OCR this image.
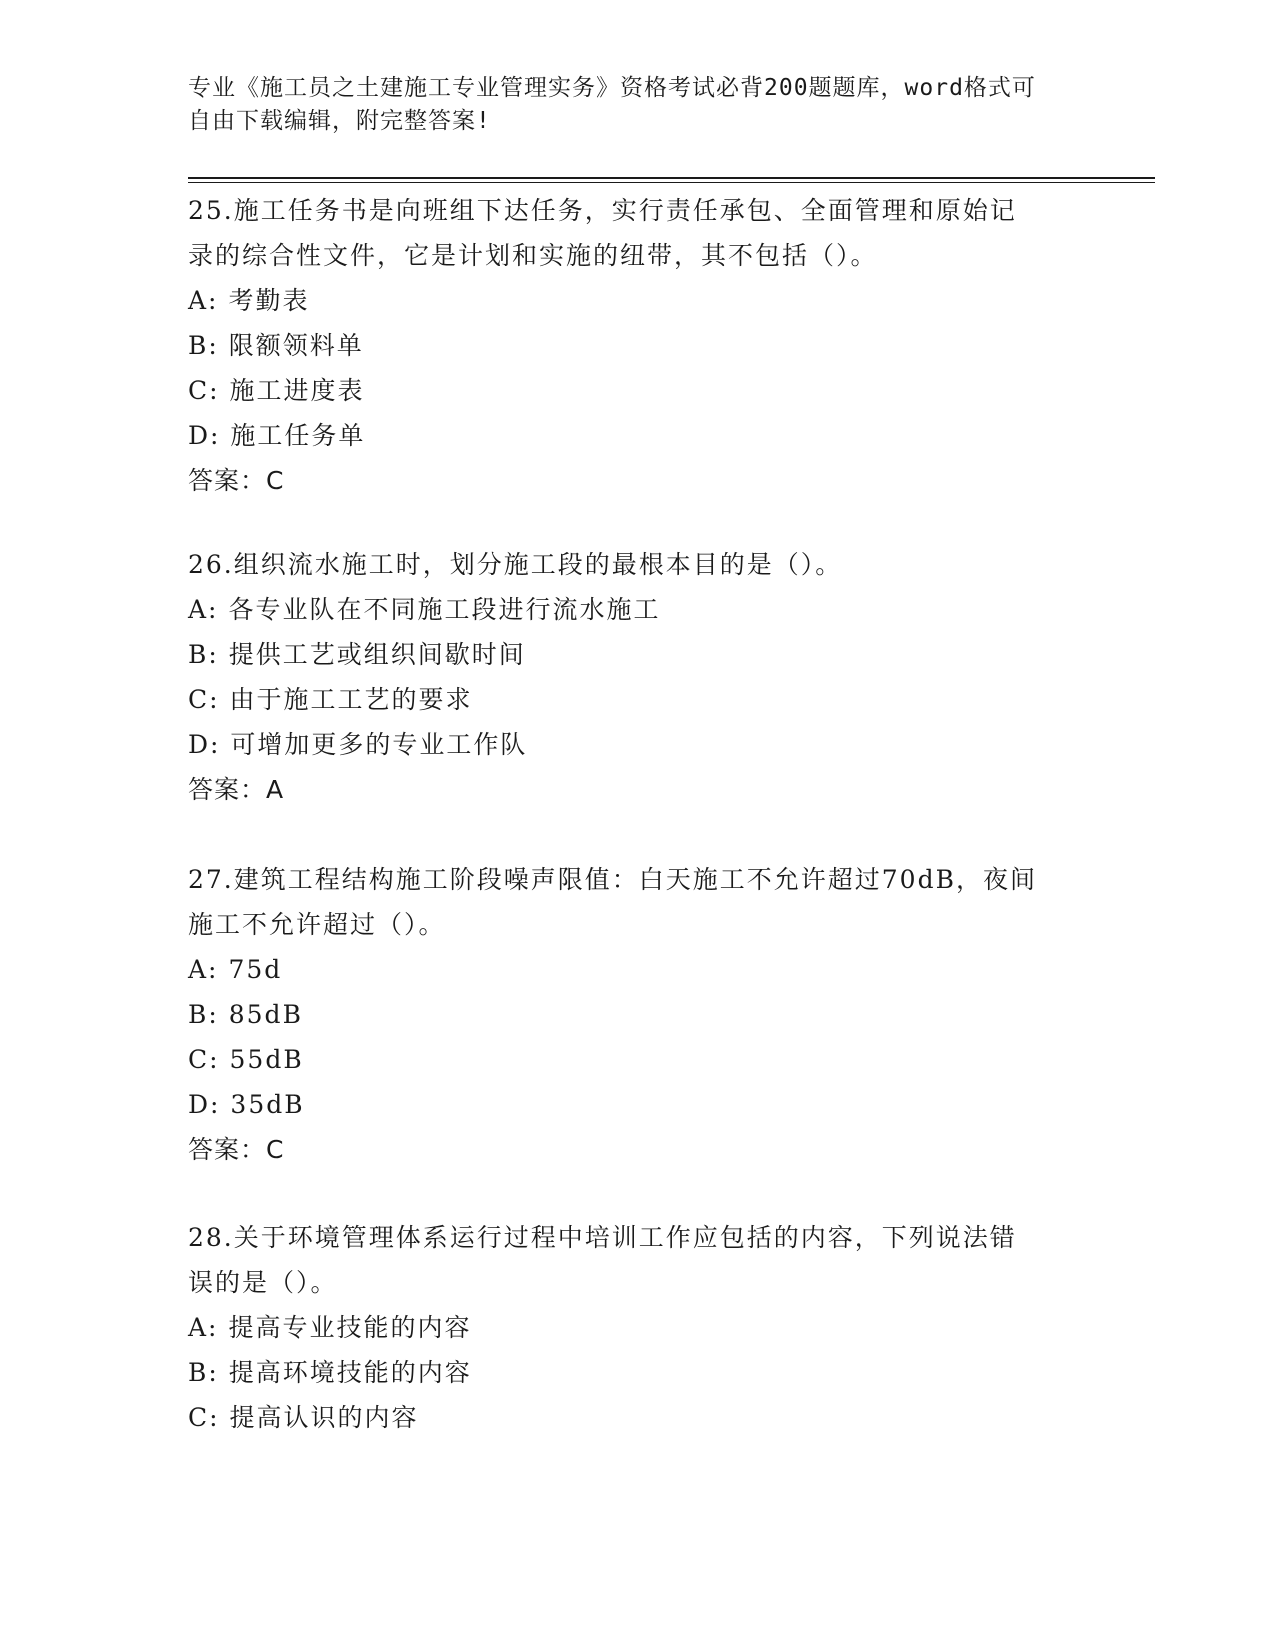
专业《施工员之土建施工专业管理实务》资格考试必背200题题库，word格式可
自由下载编辑，附完整答案!
25.施工任务书是向班组下达任务，实行责任承包、全面管理和原始记
录的综合性文件，它是计划和实施的纽带，其不包括（）。
A: 考勤表
B: 限额领料单
C: 施工进度表
D: 施工任务单
答案：C
26.组织流水施工时，划分施工段的最根本目的是（）。
A: 各专业队在不同施工段进行流水施工
B: 提供工艺或组织间歇时间
C: 由于施工工艺的要求
D: 可增加更多的专业工作队
答案：A
27.建筑工程结构施工阶段噪声限值：白天施工不允许超过70dB，夜间
施工不允许超过（）。
A: 75d
B: 85dB
C: 55dB
D: 35dB
答案：C
28.关于环境管理体系运行过程中培训工作应包括的内容，下列说法错
误的是（）。
A: 提高专业技能的内容
B: 提高环境技能的内容
C: 提高认识的内容
